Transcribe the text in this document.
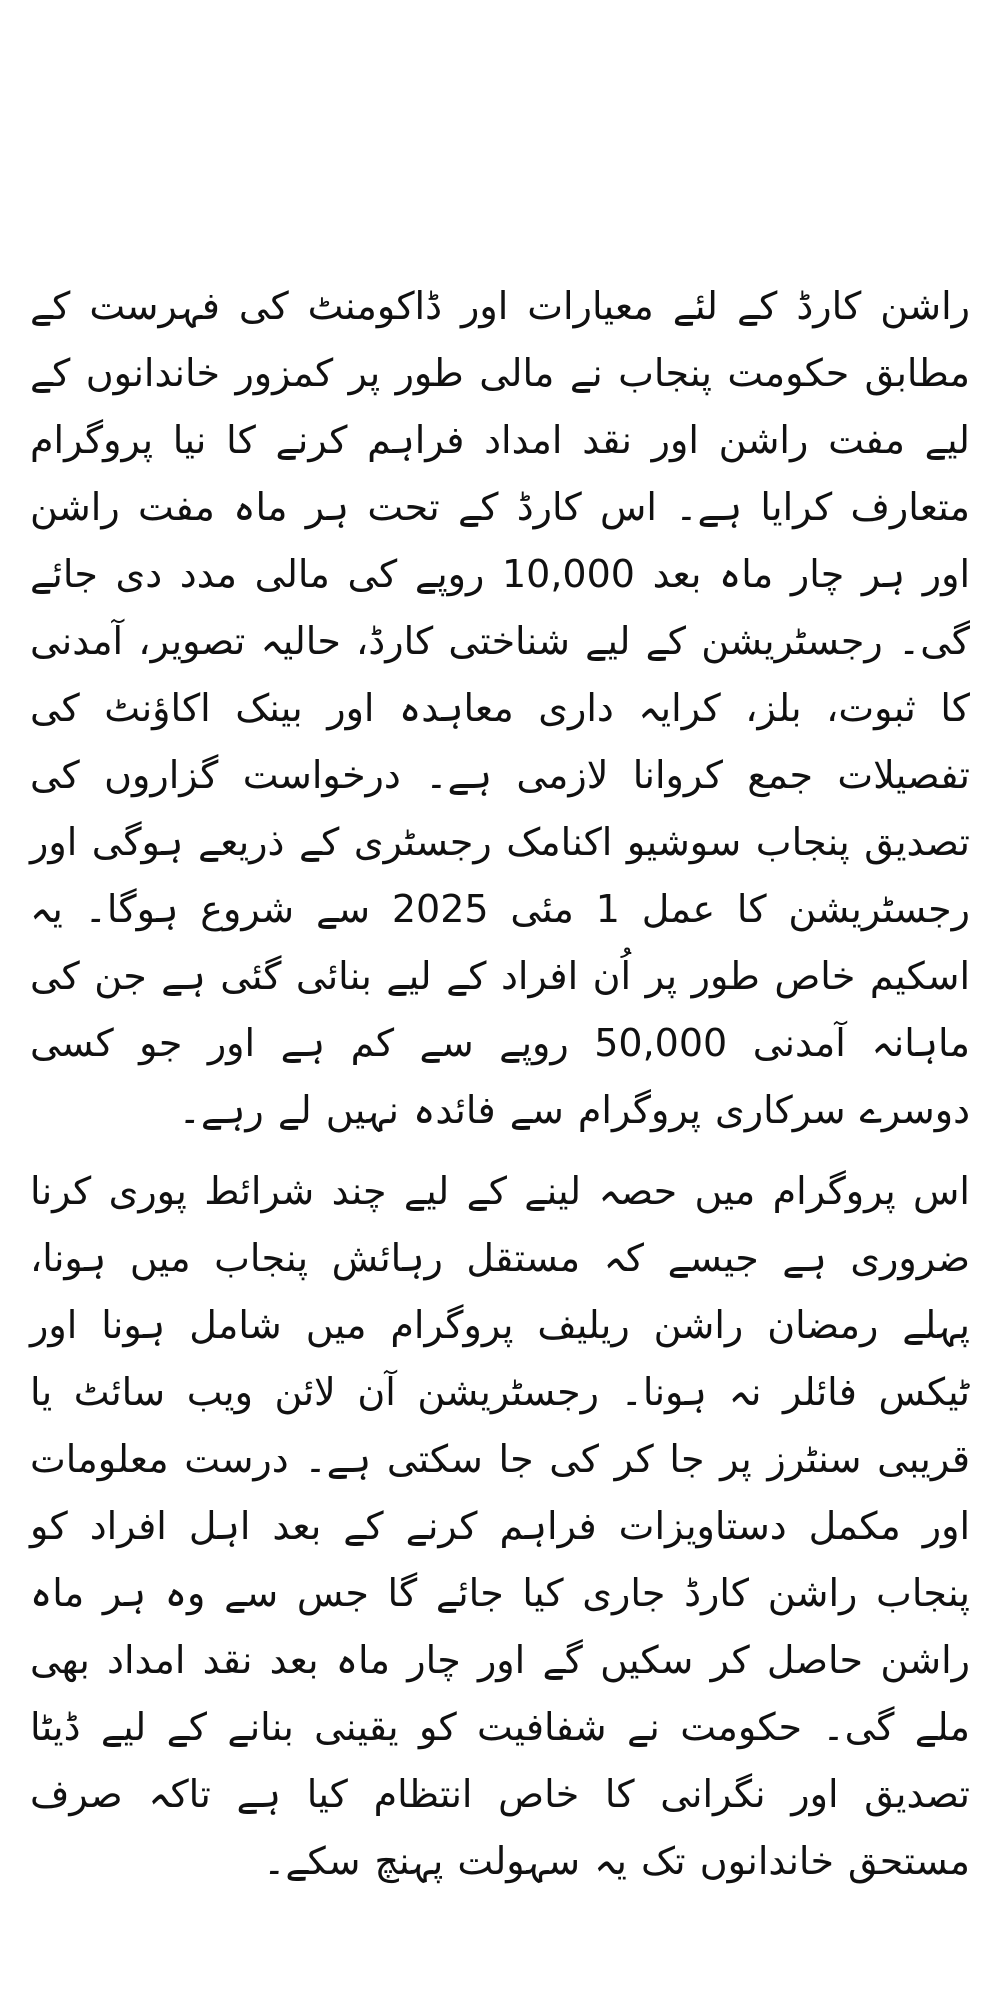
راشن کارڈ کے لئے معیارات اور ڈاکومنٹ کی فہرست کے مطابق حکومت پنجاب نے مالی طور پر کمزور خاندانوں کے لیے مفت راشن اور نقد امداد فراہم کرنے کا نیا پروگرام متعارف کرایا ہے۔ اس کارڈ کے تحت ہر ماہ مفت راشن اور ہر چار ماہ بعد 10,000 روپے کی مالی مدد دی جائے گی۔ رجسٹریشن کے لیے شناختی کارڈ، حالیہ تصویر، آمدنی کا ثبوت، بلز، کرایہ داری معاہدہ اور بینک اکاؤنٹ کی تفصیلات جمع کروانا لازمی ہے۔ درخواست گزاروں کی تصدیق پنجاب سوشیو اکنامک رجسٹری کے ذریعے ہوگی اور رجسٹریشن کا عمل 1 مئی 2025 سے شروع ہوگا۔ یہ اسکیم خاص طور پر اُن افراد کے لیے بنائی گئی ہے جن کی ماہانہ آمدنی 50,000 روپے سے کم ہے اور جو کسی دوسرے سرکاری پروگرام سے فائدہ نہیں لے رہے۔

اس پروگرام میں حصہ لینے کے لیے چند شرائط پوری کرنا ضروری ہے جیسے کہ مستقل رہائش پنجاب میں ہونا، پہلے رمضان راشن ریلیف پروگرام میں شامل ہونا اور ٹیکس فائلر نہ ہونا۔ رجسٹریشن آن لائن ویب سائٹ یا قریبی سنٹرز پر جا کر کی جا سکتی ہے۔ درست معلومات اور مکمل دستاویزات فراہم کرنے کے بعد اہل افراد کو پنجاب راشن کارڈ جاری کیا جائے گا جس سے وہ ہر ماہ راشن حاصل کر سکیں گے اور چار ماہ بعد نقد امداد بھی ملے گی۔ حکومت نے شفافیت کو یقینی بنانے کے لیے ڈیٹا تصدیق اور نگرانی کا خاص انتظام کیا ہے تاکہ صرف مستحق خاندانوں تک یہ سہولت پہنچ سکے۔
